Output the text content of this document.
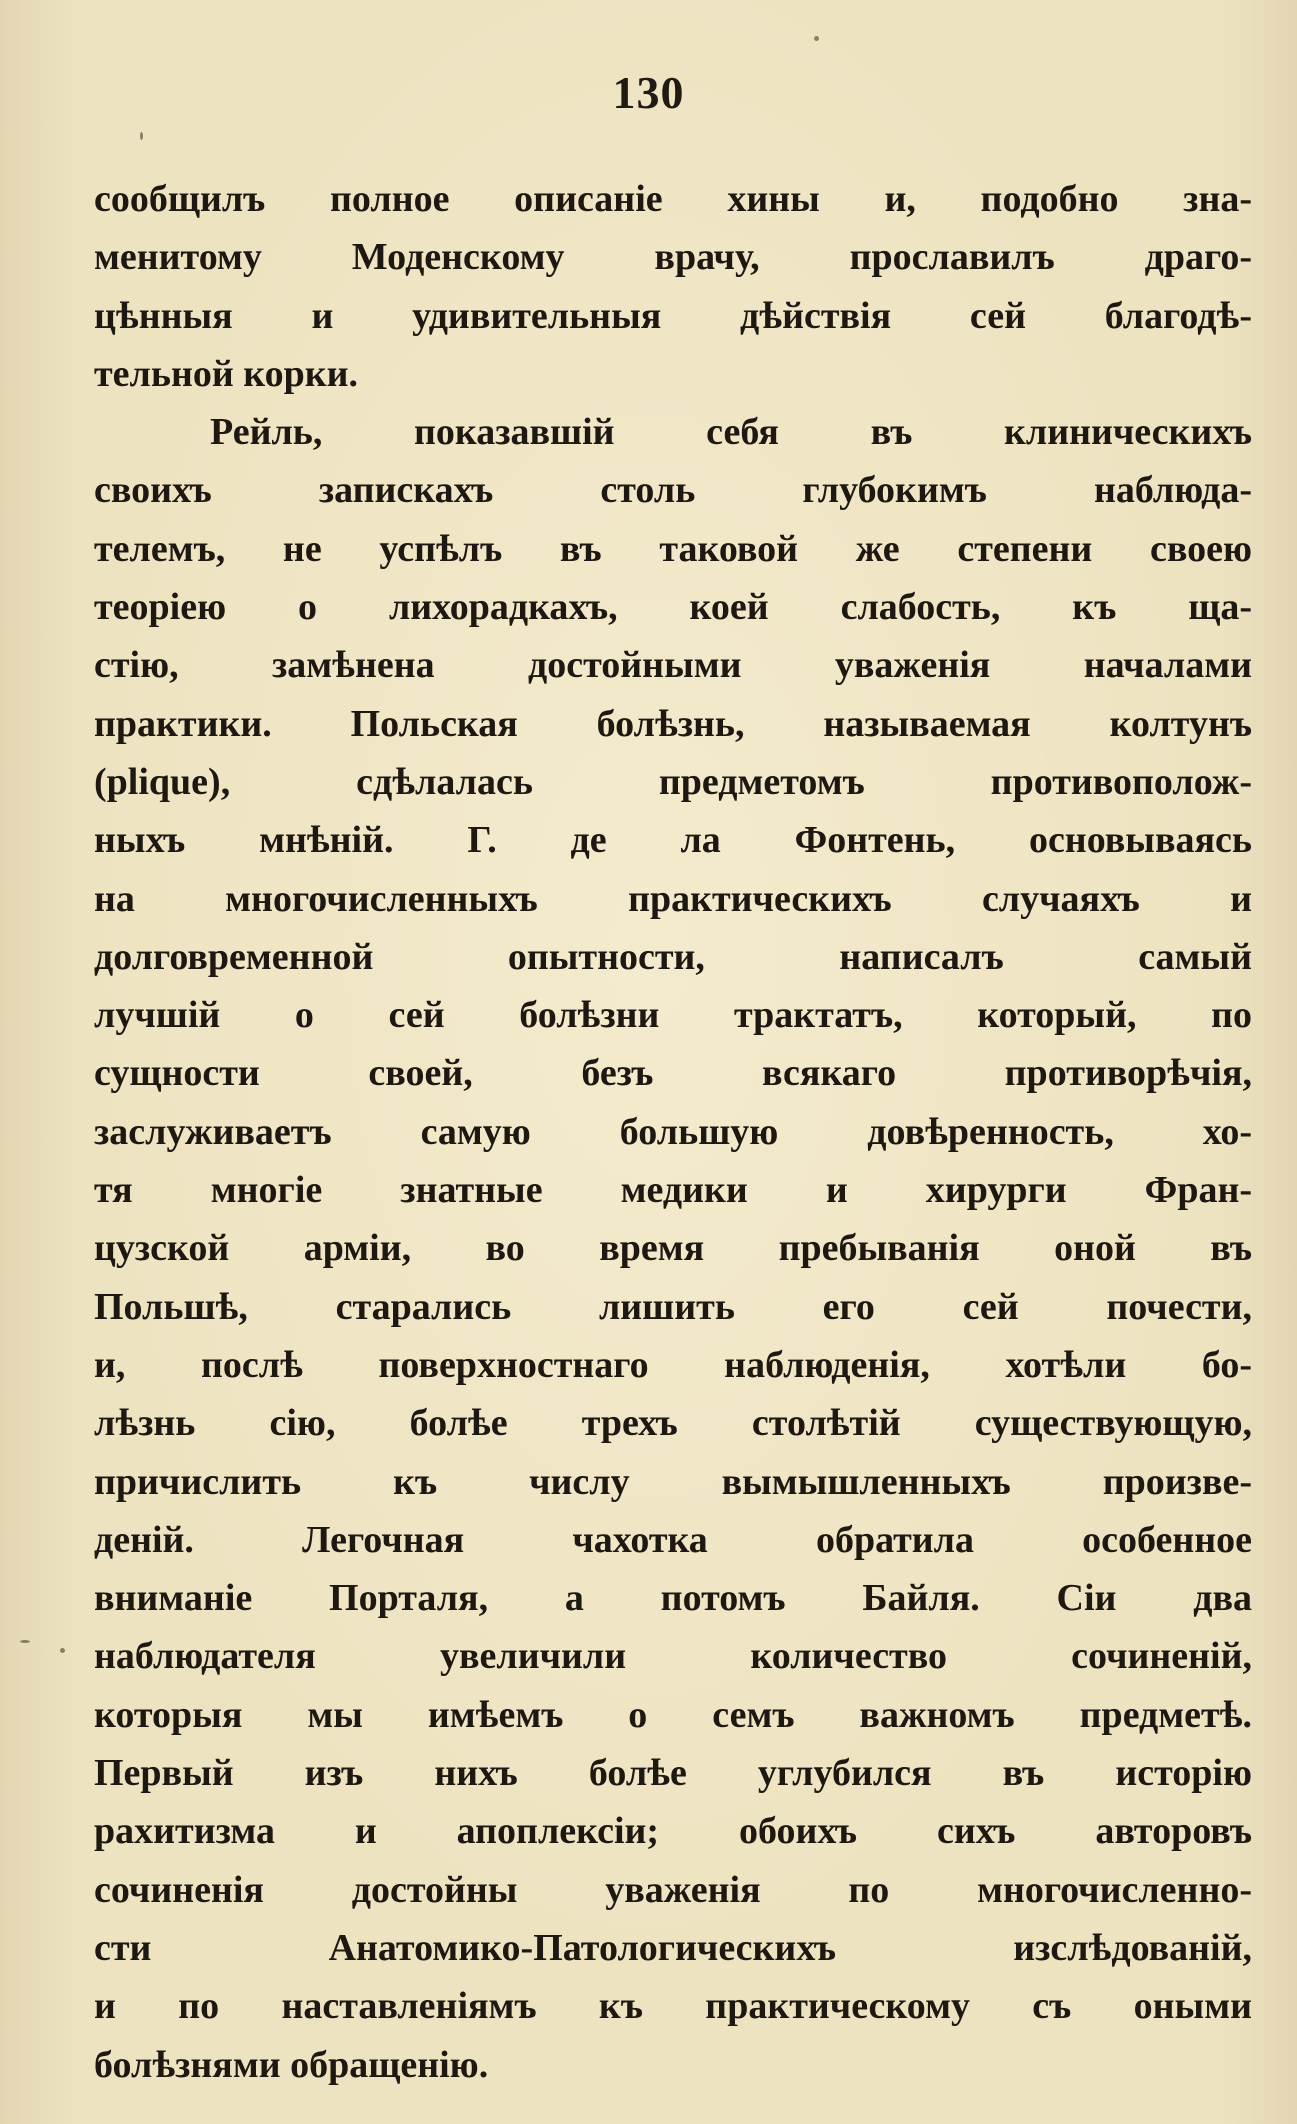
130
сообщилъ полное описаніе хины и, подобно зна-
менитому Моденскому врачу, прославилъ драго-
цѣнныя и удивительныя дѣйствія сей благодѣ-
тельной корки.
Рейль, показавшій себя въ клиническихъ
своихъ запискахъ столь глубокимъ наблюда-
телемъ, не успѣлъ въ таковой же степени своею
теоріею о лихорадкахъ, коей слабость, къ ща-
стію, замѣнена достойными уваженія началами
практики. Польская болѣзнь, называемая колтунъ
(plique), сдѣлалась предметомъ противополож-
ныхъ мнѣній. Г. де ла Фонтень, основываясь
на многочисленныхъ практическихъ случаяхъ и
долговременной опытности, написалъ самый
лучшій о сей болѣзни трактатъ, который, по
сущности своей, безъ всякаго противорѣчія,
заслуживаетъ самую большую довѣренность, хо-
тя многіе знатные медики и хирурги Фран-
цузской арміи, во время пребыванія оной въ
Польшѣ, старались лишить его сей почести,
и, послѣ поверхностнаго наблюденія, хотѣли бо-
лѣзнь сію, болѣе трехъ столѣтій существующую,
причислить къ числу вымышленныхъ произве-
деній. Легочная чахотка обратила особенное
вниманіе Порталя, а потомъ Байля. Сіи два
наблюдателя увеличили количество сочиненій,
которыя мы имѣемъ о семъ важномъ предметѣ.
Первый изъ нихъ болѣе углубился въ исторію
рахитизма и апоплексіи; обоихъ сихъ авторовъ
сочиненія достойны уваженія по многочисленно-
сти Анатомико-Патологическихъ изслѣдованій,
и по наставленіямъ къ практическому съ оными
болѣзнями обращенію.
